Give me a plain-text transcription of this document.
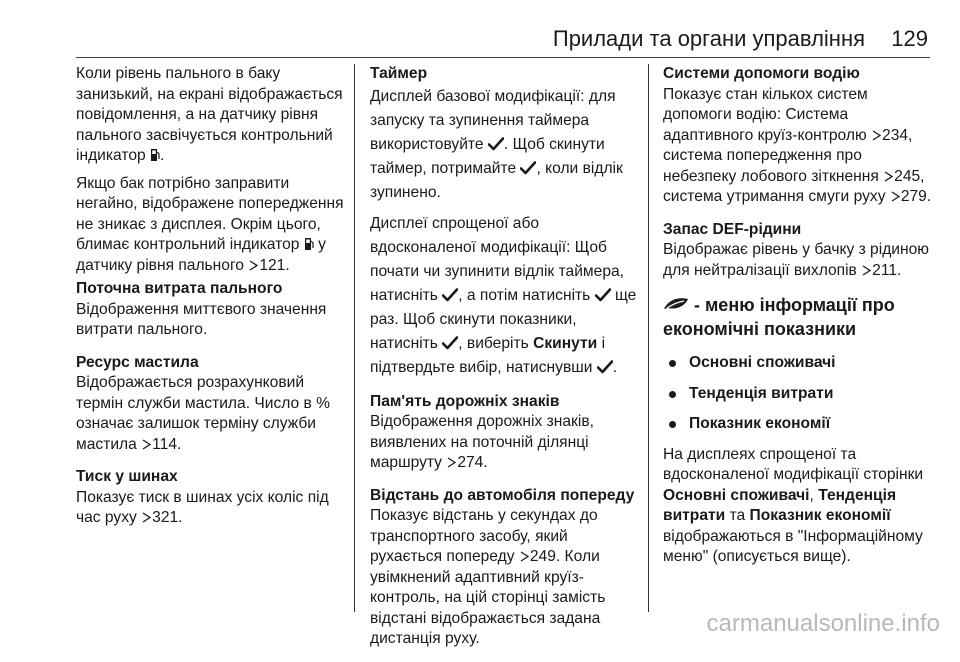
Прилади та органи управління 129
Коли рівень пального в баку занизький, на екрані відображається повідомлення, а на датчику рівня пального засвічується контрольний індикатор .
Якщо бак потрібно заправити негайно, відображене попередження не зникає з дисплея. Окрім цього, блимає контрольний індикатор  у датчику рівня пального 121.
Поточна витрата пального
Відображення миттєвого значення витрати пального.
Ресурс мастила
Відображається розрахунковий термін служби мастила. Число в % означає залишок терміну служби мастила 114.
Тиск у шинах
Показує тиск в шинах усіх коліс під час руху 321.
Таймер
Дисплей базової модифікації: для запуску та зупинення таймера використовуйте . Щоб скинути таймер, потримайте , коли відлік зупинено.
Дисплеї спрощеної або вдосконаленої модифікації: Щоб почати чи зупинити відлік таймера, натисніть , а потім натисніть  ще раз. Щоб скинути показники, натисніть , виберіть Скинути і підтвердьте вибір, натиснувши .
Пам'ять дорожніх знаків
Відображення дорожніх знаків, виявлених на поточній ділянці маршруту 274.
Відстань до автомобіля попереду
Показує відстань у секундах до транспортного засобу, який рухається попереду 249. Коли увімкнений адаптивний круїз-контроль, на цій сторінці замість відстані відображається задана дистанція руху.
Системи допомоги водію
Показує стан кількох систем допомоги водію: Система адаптивного круїз-контролю 234, система попередження про небезпеку лобового зіткнення 245, система утримання смуги руху 279.
Запас DEF-рідини
Відображає рівень у бачку з рідиною для нейтралізації вихлопів 211.
- меню інформації про економічні показники
Основні споживачі
Тенденція витрати
Показник економії
На дисплеях спрощеної та вдосконаленої модифікації сторінки Основні споживачі, Тенденція витрати та Показник економії відображаються в "Інформаційному меню" (описується вище).
carmanualsonline.info
